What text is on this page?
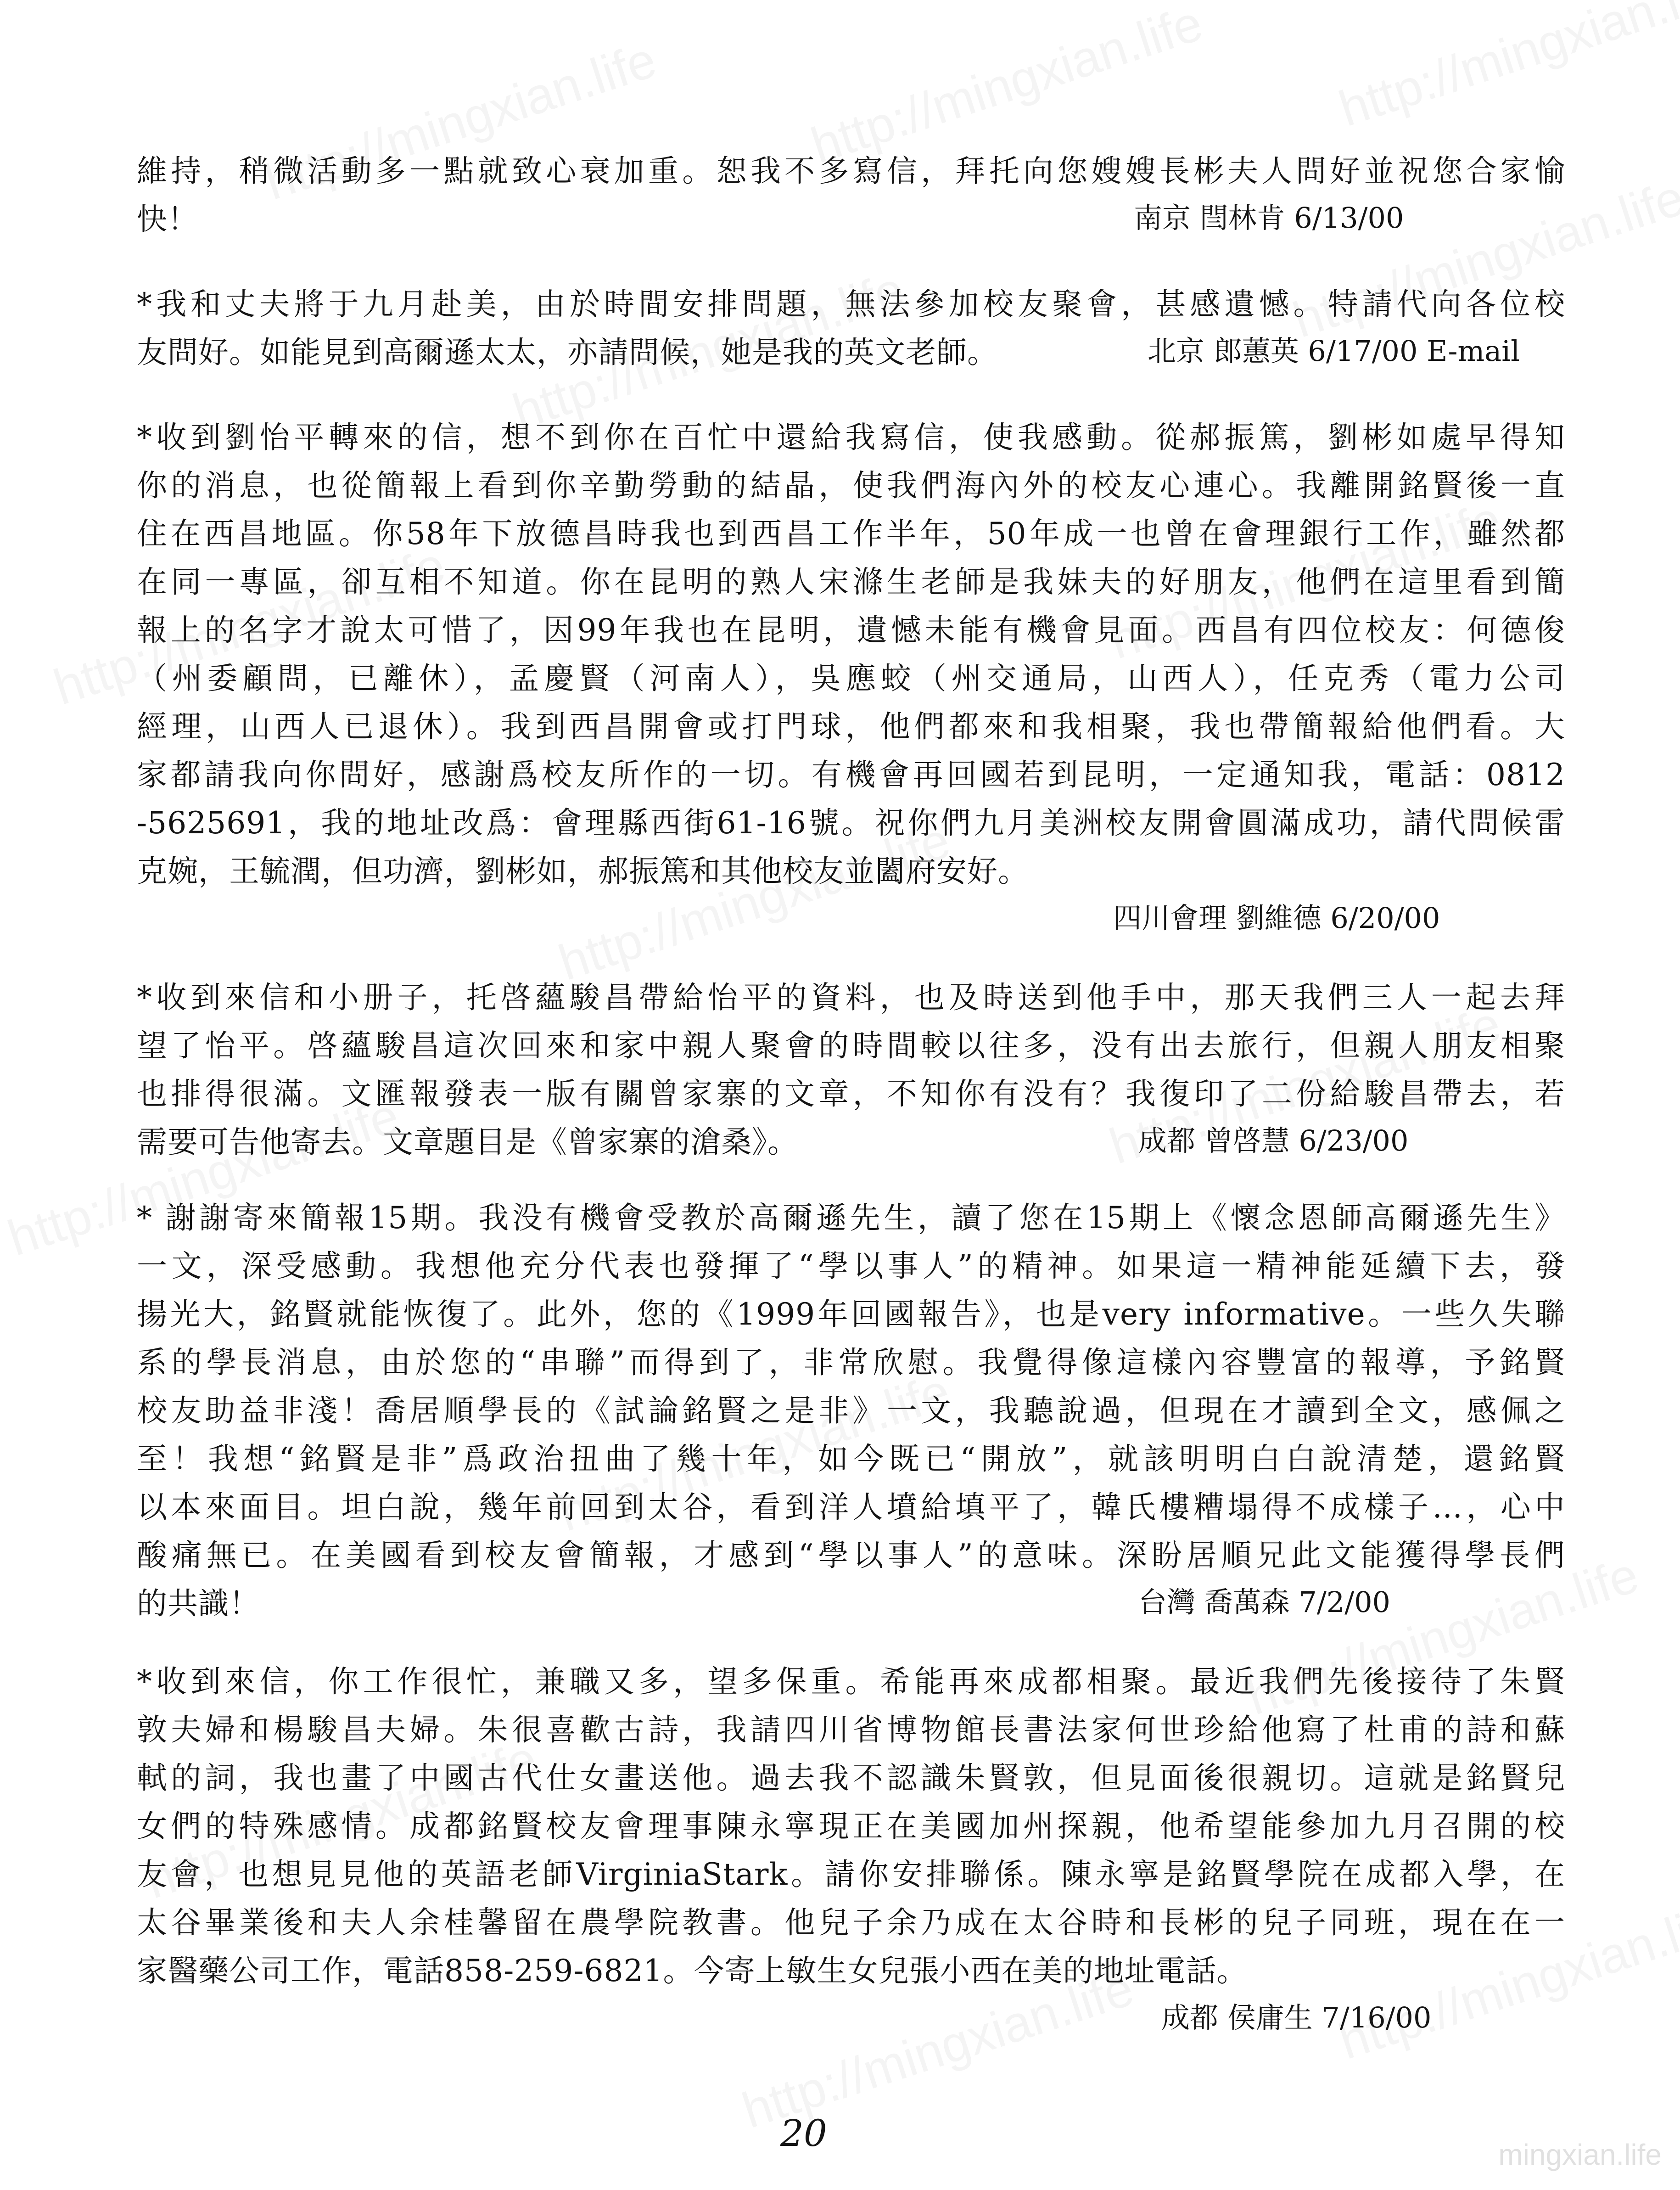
維持，稍微活動多一點就致心衰加重。恕我不多寫信，拜托向您嫂嫂長彬夫人問好並祝您合家愉
快！	南京 閆林肯 6/13/00
*我和丈夫將于九月赴美，由於時間安排問題，無法參加校友聚會，甚感遺憾。特請代向各位校
友問好。如能見到高爾遜太太，亦請問候，她是我的英文老師。	北京 郎蕙英 6/17/00 E-mail
*收到劉怡平轉來的信，想不到你在百忙中還給我寫信，使我感動。從郝振篤，劉彬如處早得知
你的消息，也從簡報上看到你辛勤勞動的結晶，使我們海內外的校友心連心。我離開銘賢後一直
住在西昌地區。你58年下放德昌時我也到西昌工作半年，50年成一也曾在會理銀行工作，雖然都
在同一專區，卻互相不知道。你在昆明的熟人宋滌生老師是我妹夫的好朋友，他們在這里看到簡
報上的名字才說太可惜了，因99年我也在昆明，遺憾未能有機會見面。西昌有四位校友：何德俊
（州委顧問，已離休），孟慶賢（河南人），吳應蛟（州交通局，山西人），任克秀（電力公司
經理，山西人已退休）。我到西昌開會或打門球，他們都來和我相聚，我也帶簡報給他們看。大
家都請我向你問好，感謝爲校友所作的一切。有機會再回國若到昆明，一定通知我，電話：0812
-5625691，我的地址改爲：會理縣西街61-16號。祝你們九月美洲校友開會圓滿成功，請代問候雷
克婉，王毓潤，但功濟，劉彬如，郝振篤和其他校友並闔府安好。
四川會理 劉維德 6/20/00
*收到來信和小册子，托啓蘊駿昌帶給怡平的資料，也及時送到他手中，那天我們三人一起去拜
望了怡平。啓蘊駿昌這次回來和家中親人聚會的時間較以往多，没有出去旅行，但親人朋友相聚
也排得很滿。文匯報發表一版有關曾家寨的文章，不知你有没有？我復印了二份給駿昌帶去，若
需要可告他寄去。文章題目是《曾家寨的滄桑》。	成都 曾啓慧 6/23/00
* 謝謝寄來簡報15期。我没有機會受教於高爾遜先生，讀了您在15期上《懷念恩師高爾遜先生》
一文，深受感動。我想他充分代表也發揮了“學以事人”的精神。如果這一精神能延續下去，發
揚光大，銘賢就能恢復了。此外，您的《1999年回國報告》，也是very informative。一些久失聯
系的學長消息，由於您的“串聯”而得到了，非常欣慰。我覺得像這樣內容豐富的報導，予銘賢
校友助益非淺！喬居順學長的《試論銘賢之是非》一文，我聽說過，但現在才讀到全文，感佩之
至！我想“銘賢是非”爲政治扭曲了幾十年，如今既已“開放”，就該明明白白說清楚，還銘賢
以本來面目。坦白說，幾年前回到太谷，看到洋人墳給填平了，韓氏樓糟塌得不成樣子…，心中
酸痛無已。在美國看到校友會簡報，才感到“學以事人”的意味。深盼居順兄此文能獲得學長們
的共識！	台灣 喬萬森 7/2/00
*收到來信，你工作很忙，兼職又多，望多保重。希能再來成都相聚。最近我們先後接待了朱賢
敦夫婦和楊駿昌夫婦。朱很喜歡古詩，我請四川省博物館長書法家何世珍給他寫了杜甫的詩和蘇
軾的詞，我也畫了中國古代仕女畫送他。過去我不認識朱賢敦，但見面後很親切。這就是銘賢兒
女們的特殊感情。成都銘賢校友會理事陳永寧現正在美國加州探親，他希望能參加九月召開的校
友會，也想見見他的英語老師VirginiaStark。請你安排聯係。陳永寧是銘賢學院在成都入學，在
太谷畢業後和夫人余桂馨留在農學院教書。他兒子余乃成在太谷時和長彬的兒子同班，現在在一
家醫藥公司工作，電話858-259-6821。今寄上敏生女兒張小西在美的地址電話。
成都 侯庸生 7/16/00
20	mingxian.life
